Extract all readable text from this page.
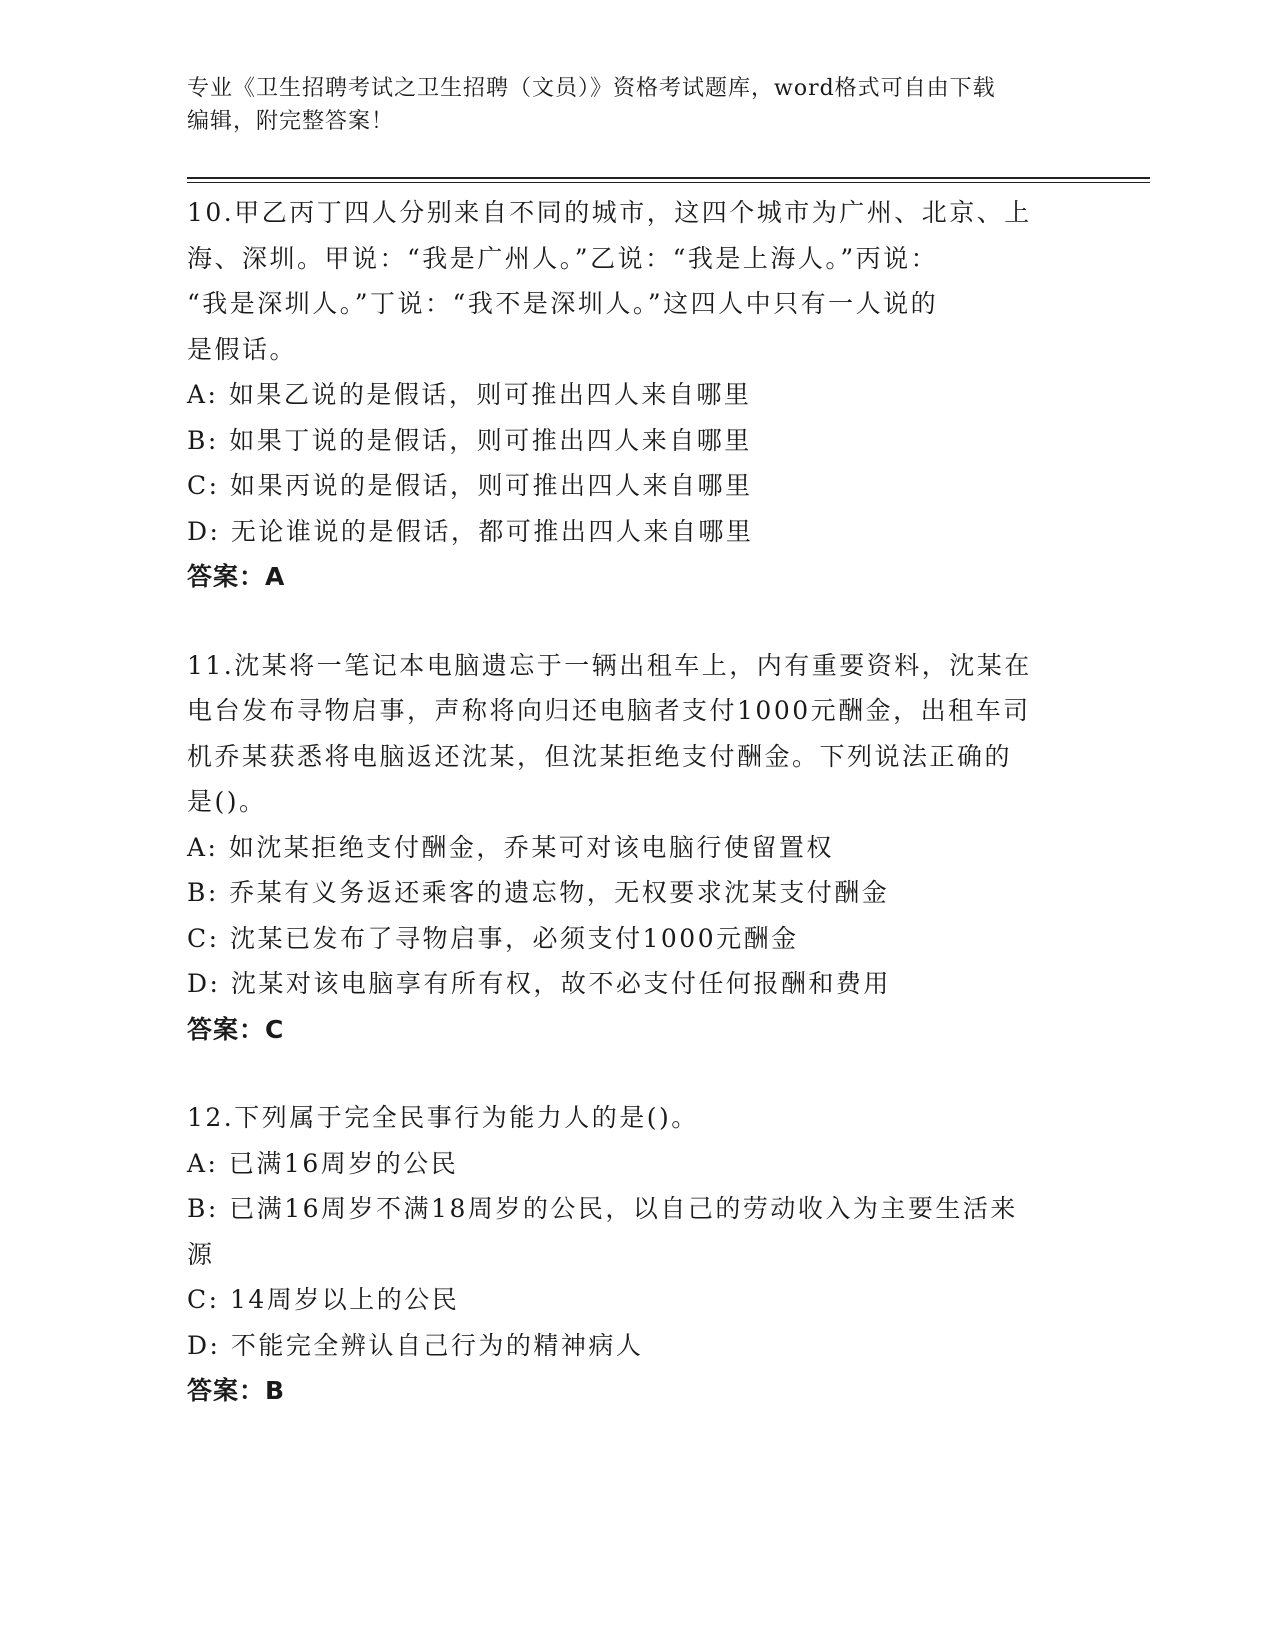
专业《卫生招聘考试之卫生招聘（文员）》资格考试题库，word格式可自由下载
编辑，附完整答案！

10.甲乙丙丁四人分别来自不同的城市，这四个城市为广州、北京、上

海、深圳。甲说：“我是广州人。”乙说：“我是上海人。”丙说：

“我是深圳人。”丁说：“我不是深圳人。”这四人中只有一人说的

是假话。

A: 如果乙说的是假话，则可推出四人来自哪里

B: 如果丁说的是假话，则可推出四人来自哪里

C: 如果丙说的是假话，则可推出四人来自哪里

D: 无论谁说的是假话，都可推出四人来自哪里

答案：A

11.沈某将一笔记本电脑遗忘于一辆出租车上，内有重要资料，沈某在

电台发布寻物启事，声称将向归还电脑者支付1000元酬金，出租车司

机乔某获悉将电脑返还沈某，但沈某拒绝支付酬金。下列说法正确的

是()。

A: 如沈某拒绝支付酬金，乔某可对该电脑行使留置权

B: 乔某有义务返还乘客的遗忘物，无权要求沈某支付酬金

C: 沈某已发布了寻物启事，必须支付1000元酬金

D: 沈某对该电脑享有所有权，故不必支付任何报酬和费用

答案：C

12.下列属于完全民事行为能力人的是()。

A: 已满16周岁的公民

B: 已满16周岁不满18周岁的公民，以自己的劳动收入为主要生活来

源

C: 14周岁以上的公民

D: 不能完全辨认自己行为的精神病人

答案：B
